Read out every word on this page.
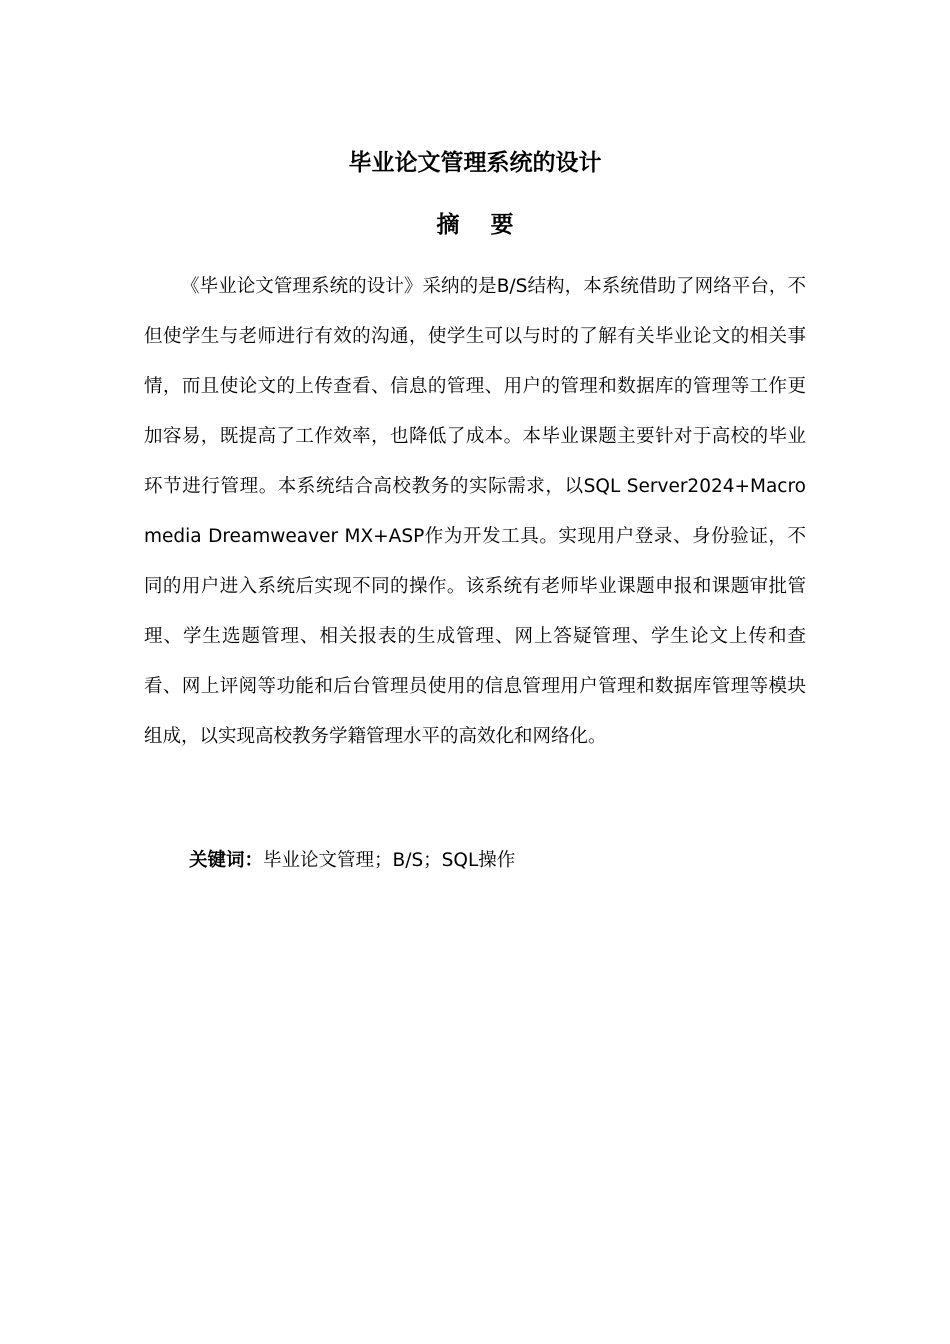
毕业论文管理系统的设计
摘 要

《毕业论文管理系统的设计》采纳的是B/S结构，本系统借助了网络平台，不但使学生与老师进行有效的沟通，使学生可以与时的了解有关毕业论文的相关事情，而且使论文的上传查看、信息的管理、用户的管理和数据库的管理等工作更加容易，既提高了工作效率，也降低了成本。本毕业课题主要针对于高校的毕业环节进行管理。本系统结合高校教务的实际需求，以SQL Server2024+Macromedia Dreamweaver MX+ASP作为开发工具。实现用户登录、身份验证，不同的用户进入系统后实现不同的操作。该系统有老师毕业课题申报和课题审批管理、学生选题管理、相关报表的生成管理、网上答疑管理、学生论文上传和查看、网上评阅等功能和后台管理员使用的信息管理用户管理和数据库管理等模块组成，以实现高校教务学籍管理水平的高效化和网络化。

关键词：毕业论文管理；B/S；SQL操作
